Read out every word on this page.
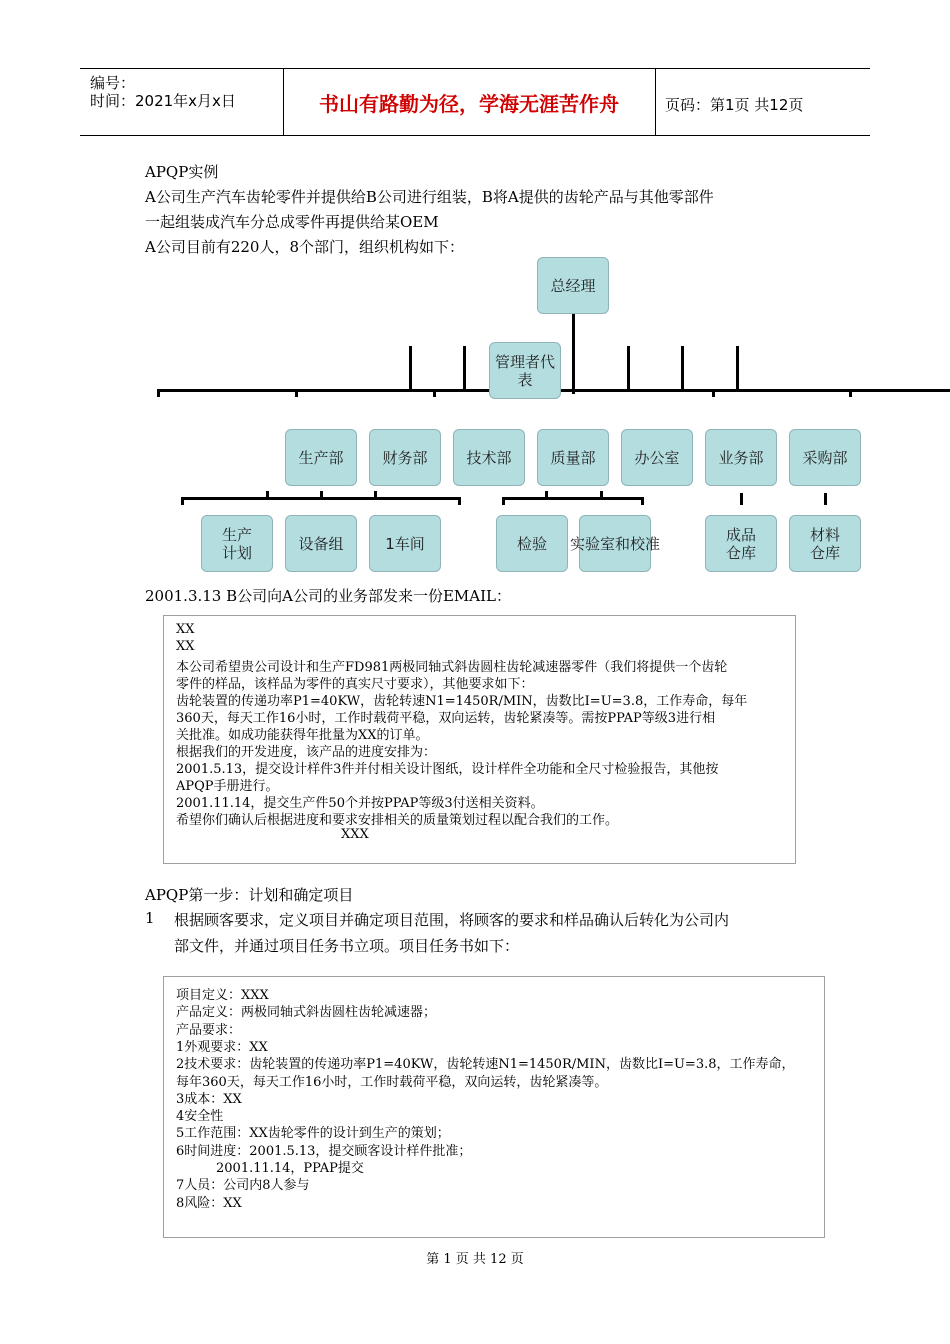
编号：
时间：2021年x月x日	书山有路勤为径，学海无涯苦作舟	页码：第1页 共12页
APQP实例
A公司生产汽车齿轮零件并提供给B公司进行组装，B将A提供的齿轮产品与其他零部件
一起组装成汽车分总成零件再提供给某OEM
A公司目前有220人，8个部门，组织机构如下：
总经理
管理者代表
生产部	财务部	技术部	质量部	办公室	业务部	采购部
生产
计划	设备组	1车间	检验 实验室和校准	成品
仓库
材料
仓库
2001.3.13 B公司向A公司的业务部发来一份EMAIL：
XX
XX
本公司希望贵公司设计和生产FD981两极同轴式斜齿圆柱齿轮减速器零件（我们将提供一个齿轮
零件的样品，该样品为零件的真实尺寸要求），其他要求如下：
齿轮装置的传递功率P1=40KW，齿轮转速N1=1450R/MIN，齿数比I=U=3.8，工作寿命，每年
360天，每天工作16小时，工作时载荷平稳，双向运转，齿轮紧凑等。需按PPAP等级3进行相
关批准。如成功能获得年批量为XX的订单。
根据我们的开发进度，该产品的进度安排为：
2001.5.13，提交设计样件3件并付相关设计图纸，设计样件全功能和全尺寸检验报告，其他按
APQP手册进行。
2001.11.14，提交生产件50个并按PPAP等级3付送相关资料。
希望你们确认后根据进度和要求安排相关的质量策划过程以配合我们的工作。
XXX
APQP第一步：计划和确定项目
1 根据顾客要求，定义项目并确定项目范围，将顾客的要求和样品确认后转化为公司内
部文件，并通过项目任务书立项。项目任务书如下：
项目定义：XXX
产品定义：两极同轴式斜齿圆柱齿轮减速器；
产品要求：
1外观要求：XX
2技术要求：齿轮装置的传递功率P1=40KW，齿轮转速N1=1450R/MIN，齿数比I=U=3.8，工作寿命，
每年360天，每天工作16小时，工作时载荷平稳，双向运转，齿轮紧凑等。
3成本：XX
4安全性
5工作范围：XX齿轮零件的设计到生产的策划；
6时间进度：2001.5.13，提交顾客设计样件批准；
2001.11.14，PPAP提交
7人员：公司内8人参与
8风险：XX
第 1 页 共 12 页
